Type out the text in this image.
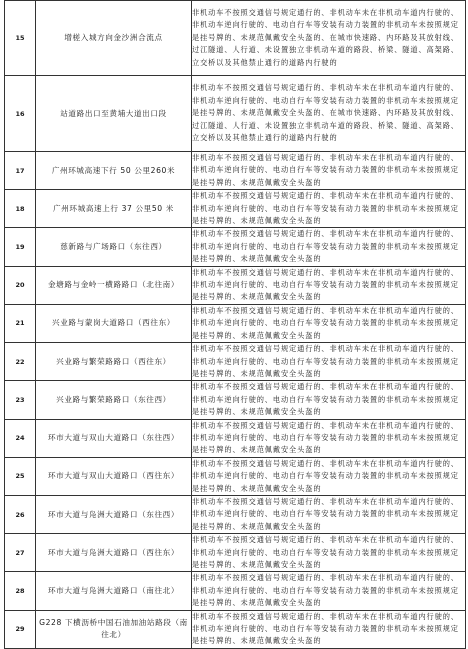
15	增槎入城方向金沙洲合流点	非机动车不按照交通信号规定通行的、非机动车未在非机动车道内行驶的、非机动车逆向行驶的、电动自行车等安装有动力装置的非机动车未按照规定是挂号牌的、未规范佩戴安全头盔的、在城市快速路、内环路及其放射线、过江隧道、人行道、未设置独立非机动车道的路段、桥梁、隧道、高架路、立交桥以及其他禁止通行的道路内行驶的
16	站道路出口至黄埔大道出口段	非机动车不按照交通信号规定通行的、非机动车未在非机动车道内行驶的、非机动车逆向行驶的、电动自行车等安装有动力装置的非机动车未按照规定是挂号牌的、未规范佩戴安全头盔的、在城市快速路、内环路及其放射线、过江隧道、人行道、未设置独立非机动车道的路段、桥梁、隧道、高架路、立交桥以及其他禁止通行的道路内行驶的
17	广州环城高速下行 50 公里260米	非机动车不按照交通信号规定通行的、非机动车未在非机动车道内行驶的、非机动车逆向行驶的、电动自行车等安装有动力装置的非机动车未按照规定是挂号牌的、未规范佩戴安全头盔的
18	广州环城高速上行 37 公里50 米	非机动车不按照交通信号规定通行的、非机动车未在非机动车道内行驶的、非机动车逆向行驶的、电动自行车等安装有动力装置的非机动车未按照规定是挂号牌的、未规范佩戴安全头盔的
19	慈新路与广场路口（东往西）	非机动车不按照交通信号规定通行的、非机动车未在非机动车道内行驶的、非机动车逆向行驶的、电动自行车等安装有动力装置的非机动车未按照规定是挂号牌的、未规范佩戴安全头盔的
20	金塘路与金岭一横路路口（北往南）	非机动车不按照交通信号规定通行的、非机动车未在非机动车道内行驶的、非机动车逆向行驶的、电动自行车等安装有动力装置的非机动车未按照规定是挂号牌的、未规范佩戴安全头盔的
21	兴业路与蒙岗大道路口（西往东）	非机动车不按照交通信号规定通行的、非机动车未在非机动车道内行驶的、非机动车逆向行驶的、电动自行车等安装有动力装置的非机动车未按照规定是挂号牌的、未规范佩戴安全头盔的
22	兴业路与繁荣路路口（西往东）	非机动车不按照交通信号规定通行的、非机动车未在非机动车道内行驶的、非机动车逆向行驶的、电动自行车等安装有动力装置的非机动车未按照规定是挂号牌的、未规范佩戴安全头盔的
23	兴业路与繁荣路路口（东往西）	非机动车不按照交通信号规定通行的、非机动车未在非机动车道内行驶的、非机动车逆向行驶的、电动自行车等安装有动力装置的非机动车未按照规定是挂号牌的、未规范佩戴安全头盔的
24	环市大道与双山大道路口（东往西）	非机动车不按照交通信号规定通行的、非机动车未在非机动车道内行驶的、非机动车逆向行驶的、电动自行车等安装有动力装置的非机动车未按照规定是挂号牌的、未规范佩戴安全头盔的
25	环市大道与双山大道路口（西往东）	非机动车不按照交通信号规定通行的、非机动车未在非机动车道内行驶的、非机动车逆向行驶的、电动自行车等安装有动力装置的非机动车未按照规定是挂号牌的、未规范佩戴安全头盔的
26	环市大道与凫洲大道路口（东往西）	非机动车不按照交通信号规定通行的、非机动车未在非机动车道内行驶的、非机动车逆向行驶的、电动自行车等安装有动力装置的非机动车未按照规定是挂号牌的、未规范佩戴安全头盔的
27	环市大道与凫洲大道路口（西往东）	非机动车不按照交通信号规定通行的、非机动车未在非机动车道内行驶的、非机动车逆向行驶的、电动自行车等安装有动力装置的非机动车未按照规定是挂号牌的、未规范佩戴安全头盔的
28	环市大道与凫洲大道路口（南往北）	非机动车不按照交通信号规定通行的、非机动车未在非机动车道内行驶的、非机动车逆向行驶的、电动自行车等安装有动力装置的非机动车未按照规定是挂号牌的、未规范佩戴安全头盔的
29	G228 下横沥桥中国石油加油站路段（南往北）	非机动车不按照交通信号规定通行的、非机动车未在非机动车道内行驶的、非机动车逆向行驶的、电动自行车等安装有动力装置的非机动车未按照规定是挂号牌的、未规范佩戴安全头盔的
